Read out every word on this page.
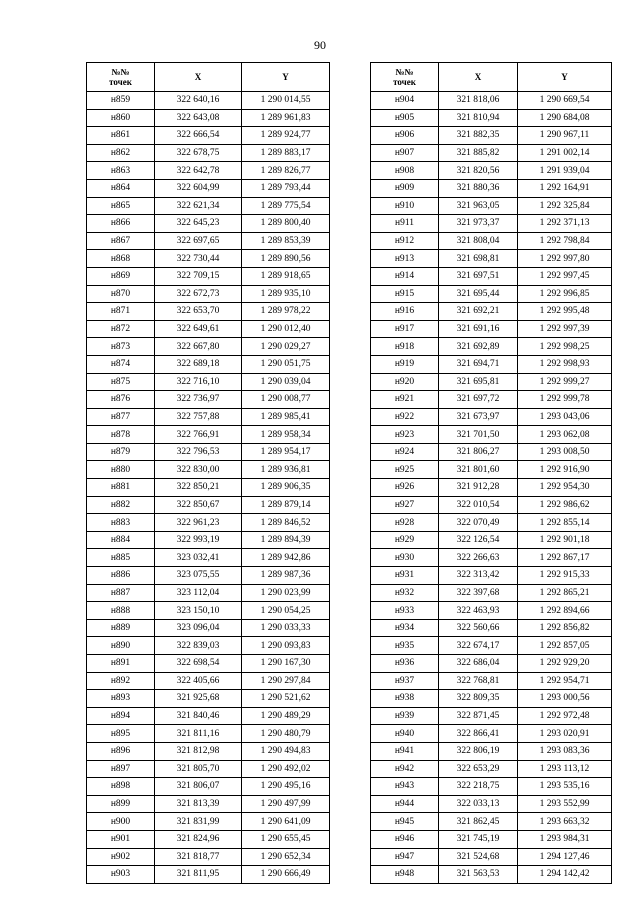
90
№№
точек	X	Y
н859	322 640,16	1 290 014,55
н860	322 643,08	1 289 961,83
н861	322 666,54	1 289 924,77
н862	322 678,75	1 289 883,17
н863	322 642,78	1 289 826,77
н864	322 604,99	1 289 793,44
н865	322 621,34	1 289 775,54
н866	322 645,23	1 289 800,40
н867	322 697,65	1 289 853,39
н868	322 730,44	1 289 890,56
н869	322 709,15	1 289 918,65
н870	322 672,73	1 289 935,10
н871	322 653,70	1 289 978,22
н872	322 649,61	1 290 012,40
н873	322 667,80	1 290 029,27
н874	322 689,18	1 290 051,75
н875	322 716,10	1 290 039,04
н876	322 736,97	1 290 008,77
н877	322 757,88	1 289 985,41
н878	322 766,91	1 289 958,34
н879	322 796,53	1 289 954,17
н880	322 830,00	1 289 936,81
н881	322 850,21	1 289 906,35
н882	322 850,67	1 289 879,14
н883	322 961,23	1 289 846,52
н884	322 993,19	1 289 894,39
н885	323 032,41	1 289 942,86
н886	323 075,55	1 289 987,36
н887	323 112,04	1 290 023,99
н888	323 150,10	1 290 054,25
н889	323 096,04	1 290 033,33
н890	322 839,03	1 290 093,83
н891	322 698,54	1 290 167,30
н892	322 405,66	1 290 297,84
н893	321 925,68	1 290 521,62
н894	321 840,46	1 290 489,29
н895	321 811,16	1 290 480,79
н896	321 812,98	1 290 494,83
н897	321 805,70	1 290 492,02
н898	321 806,07	1 290 495,16
н899	321 813,39	1 290 497,99
н900	321 831,99	1 290 641,09
н901	321 824,96	1 290 655,45
н902	321 818,77	1 290 652,34
н903	321 811,95	1 290 666,49
№№
точек	X	Y
н904	321 818,06	1 290 669,54
н905	321 810,94	1 290 684,08
н906	321 882,35	1 290 967,11
н907	321 885,82	1 291 002,14
н908	321 820,56	1 291 939,04
н909	321 880,36	1 292 164,91
н910	321 963,05	1 292 325,84
н911	321 973,37	1 292 371,13
н912	321 808,04	1 292 798,84
н913	321 698,81	1 292 997,80
н914	321 697,51	1 292 997,45
н915	321 695,44	1 292 996,85
н916	321 692,21	1 292 995,48
н917	321 691,16	1 292 997,39
н918	321 692,89	1 292 998,25
н919	321 694,71	1 292 998,93
н920	321 695,81	1 292 999,27
н921	321 697,72	1 292 999,78
н922	321 673,97	1 293 043,06
н923	321 701,50	1 293 062,08
н924	321 806,27	1 293 008,50
н925	321 801,60	1 292 916,90
н926	321 912,28	1 292 954,30
н927	322 010,54	1 292 986,62
н928	322 070,49	1 292 855,14
н929	322 126,54	1 292 901,18
н930	322 266,63	1 292 867,17
н931	322 313,42	1 292 915,33
н932	322 397,68	1 292 865,21
н933	322 463,93	1 292 894,66
н934	322 560,66	1 292 856,82
н935	322 674,17	1 292 857,05
н936	322 686,04	1 292 929,20
н937	322 768,81	1 292 954,71
н938	322 809,35	1 293 000,56
н939	322 871,45	1 292 972,48
н940	322 866,41	1 293 020,91
н941	322 806,19	1 293 083,36
н942	322 653,29	1 293 113,12
н943	322 218,75	1 293 535,16
н944	322 033,13	1 293 552,99
н945	321 862,45	1 293 663,32
н946	321 745,19	1 293 984,31
н947	321 524,68	1 294 127,46
н948	321 563,53	1 294 142,42
